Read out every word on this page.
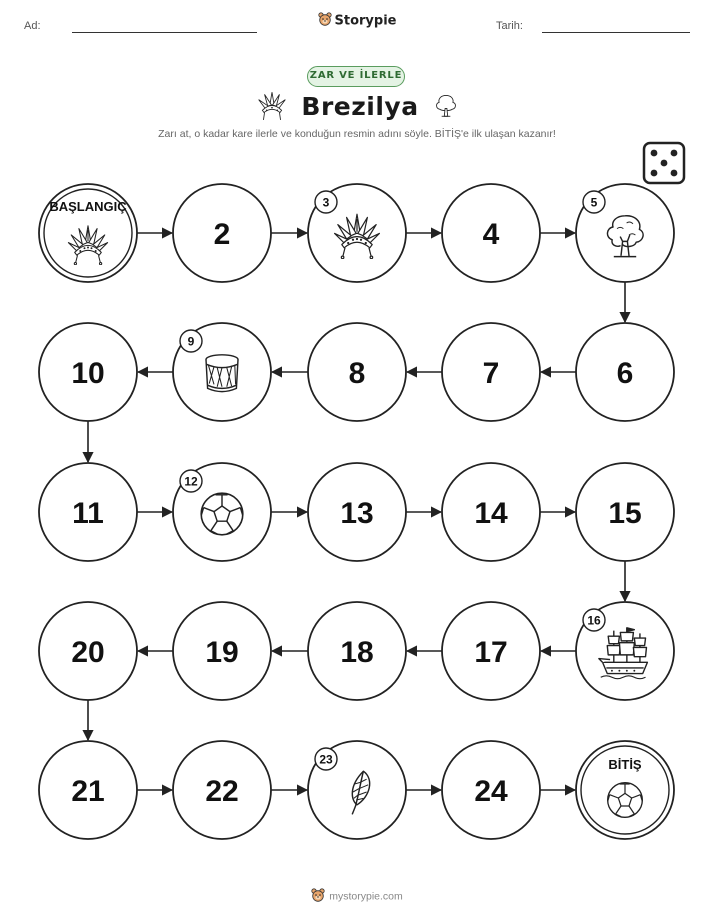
Ad:	Tarih:
Storypie
ZAR VE İLERLE
Brezilya
Zarı at, o kadar kare ilerle ve konduğun resmin adını söyle. BİTİŞ'e ilk ulaşan kazanır!
BAŞLANGIÇ
2
3
4
5
6
7
8
9
10
11
12
13	14	15
16
17
18
19
20
21	22
23
24
BİTİŞ
mystorypie.com
